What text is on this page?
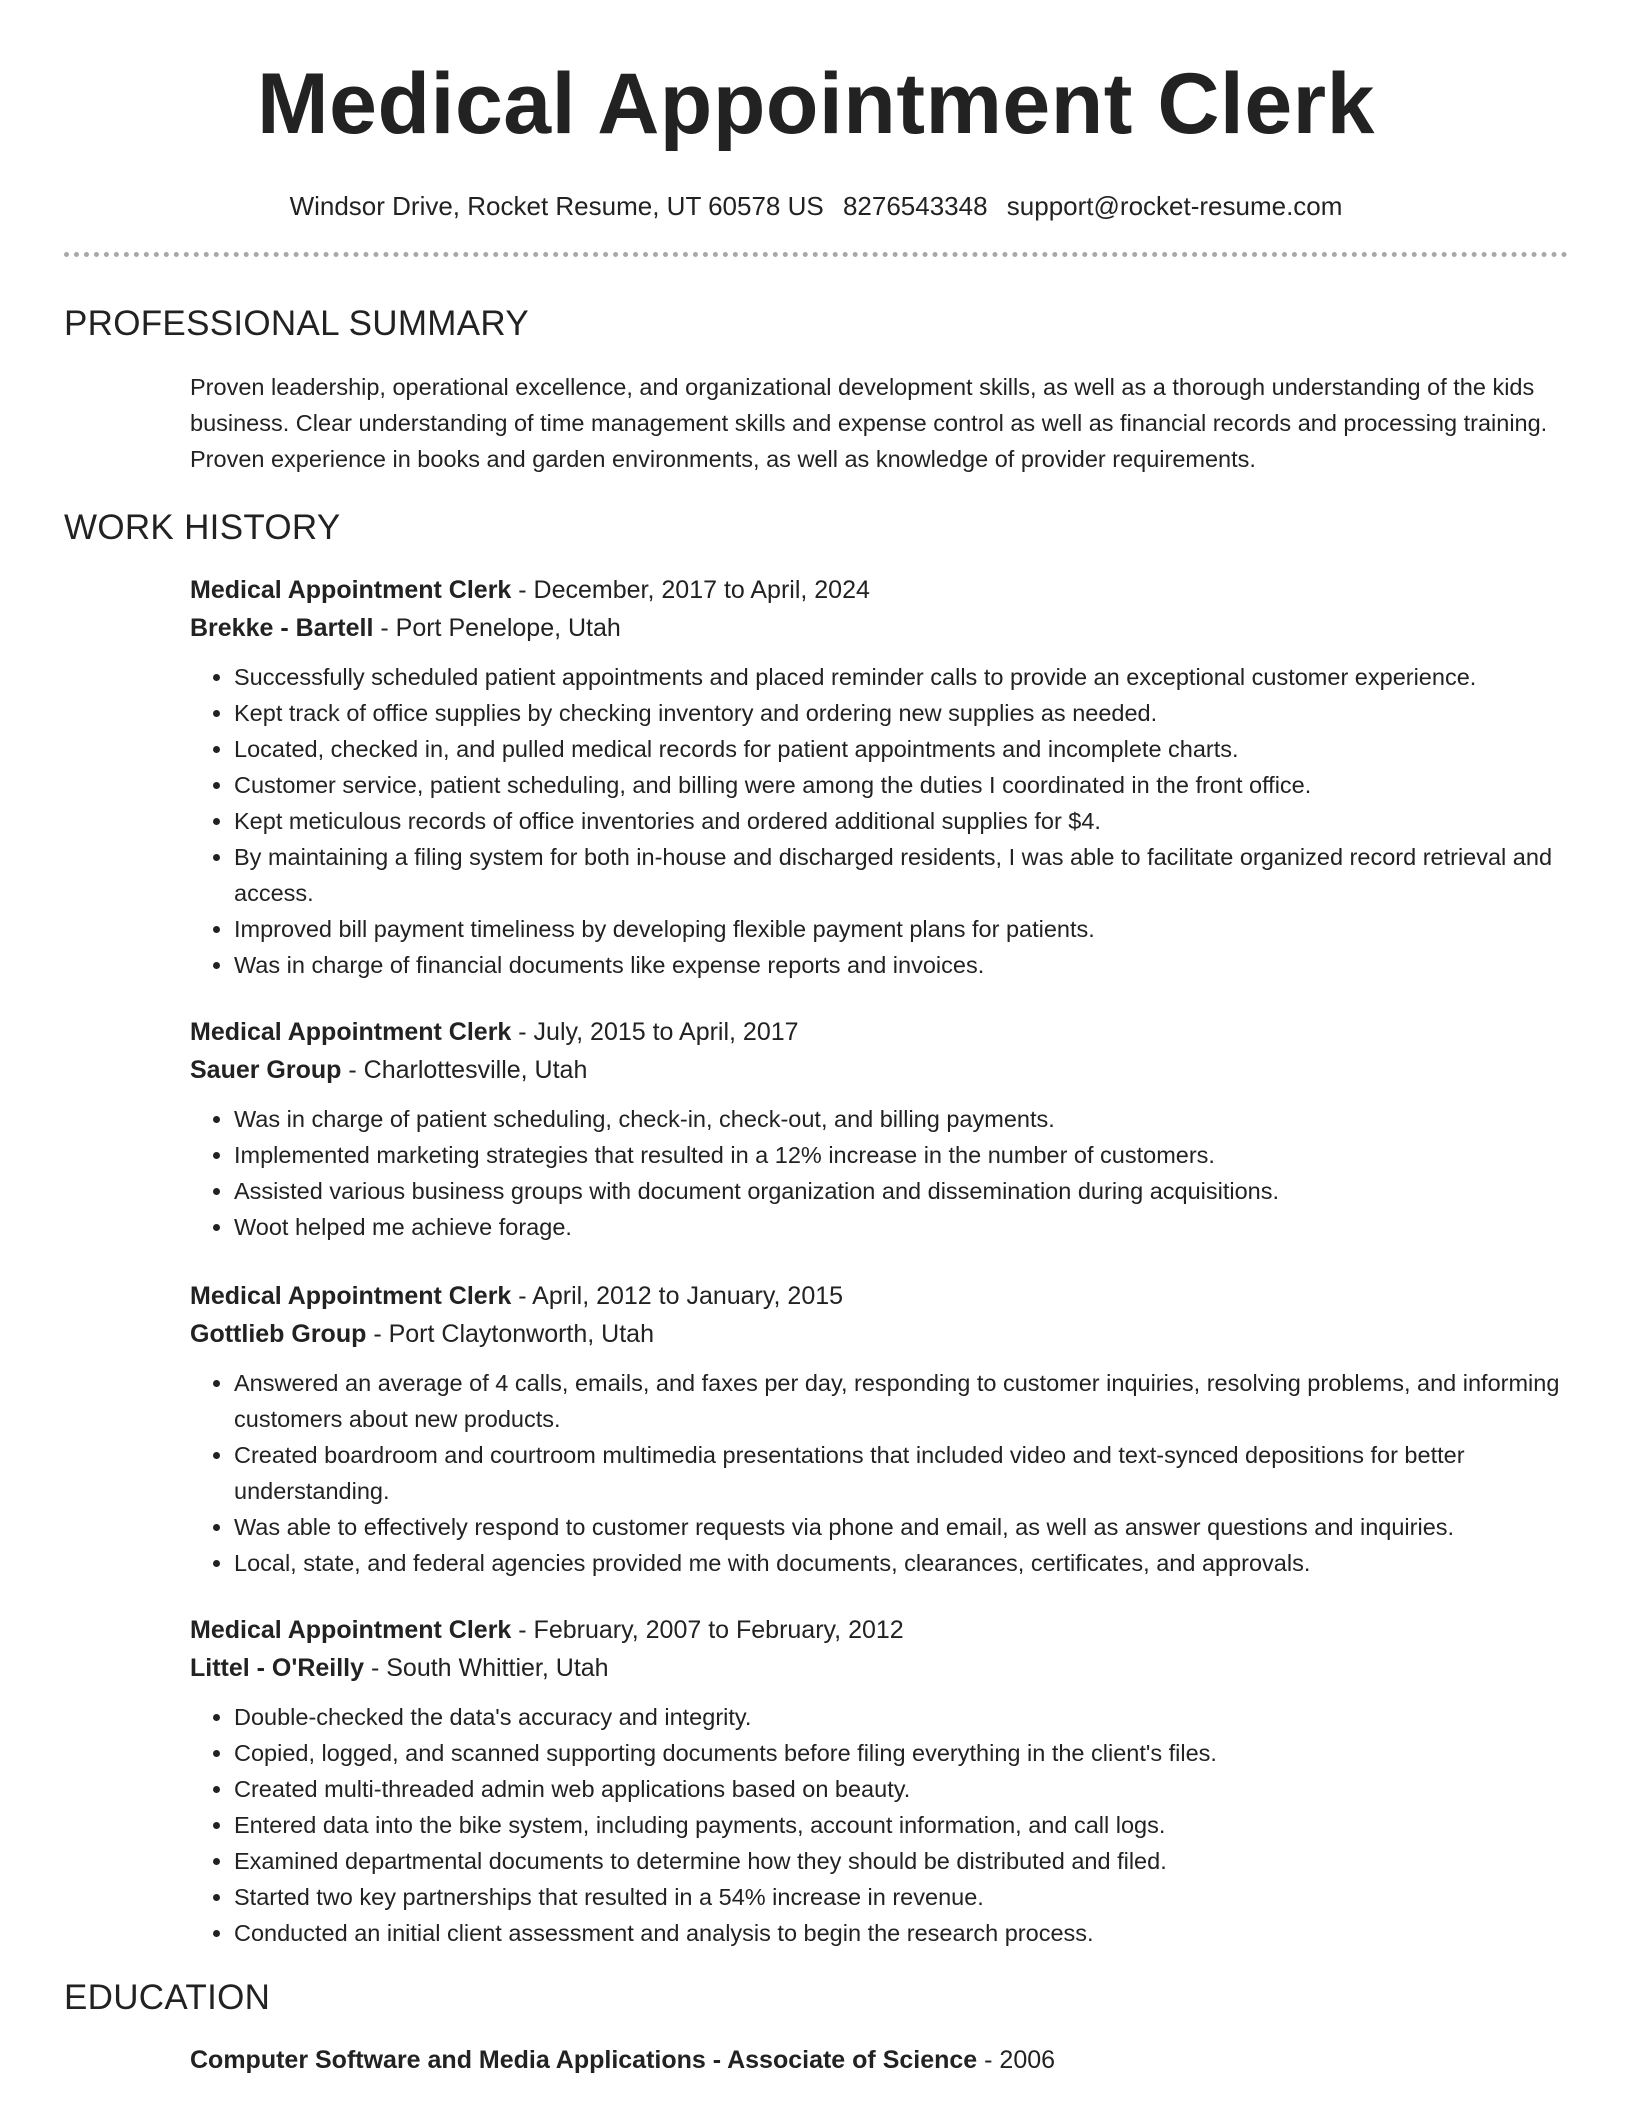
Medical Appointment Clerk
Windsor Drive, Rocket Resume, UT 60578 US 8276543348 support@rocket-resume.com
PROFESSIONAL SUMMARY

Proven leadership, operational excellence, and organizational development skills, as well as a thorough understanding of the kids business. Clear understanding of time management skills and expense control as well as financial records and processing training. Proven experience in books and garden environments, as well as knowledge of provider requirements.

WORK HISTORY
Medical Appointment Clerk - December, 2017 to April, 2024
Brekke - Bartell - Port Penelope, Utah
• Successfully scheduled patient appointments and placed reminder calls to provide an exceptional customer experience.
• Kept track of office supplies by checking inventory and ordering new supplies as needed.
• Located, checked in, and pulled medical records for patient appointments and incomplete charts.
• Customer service, patient scheduling, and billing were among the duties I coordinated in the front office.
• Kept meticulous records of office inventories and ordered additional supplies for $4.
• By maintaining a filing system for both in-house and discharged residents, I was able to facilitate organized record retrieval and access.
• Improved bill payment timeliness by developing flexible payment plans for patients.
• Was in charge of financial documents like expense reports and invoices.
Medical Appointment Clerk - July, 2015 to April, 2017
Sauer Group - Charlottesville, Utah
• Was in charge of patient scheduling, check-in, check-out, and billing payments.
• Implemented marketing strategies that resulted in a 12% increase in the number of customers.
• Assisted various business groups with document organization and dissemination during acquisitions.
• Woot helped me achieve forage.
Medical Appointment Clerk - April, 2012 to January, 2015
Gottlieb Group - Port Claytonworth, Utah
• Answered an average of 4 calls, emails, and faxes per day, responding to customer inquiries, resolving problems, and informing customers about new products.
• Created boardroom and courtroom multimedia presentations that included video and text-synced depositions for better understanding.
• Was able to effectively respond to customer requests via phone and email, as well as answer questions and inquiries.
• Local, state, and federal agencies provided me with documents, clearances, certificates, and approvals.
Medical Appointment Clerk - February, 2007 to February, 2012
Littel - O'Reilly - South Whittier, Utah
• Double-checked the data's accuracy and integrity.
• Copied, logged, and scanned supporting documents before filing everything in the client's files.
• Created multi-threaded admin web applications based on beauty.
• Entered data into the bike system, including payments, account information, and call logs.
• Examined departmental documents to determine how they should be distributed and filed.
• Started two key partnerships that resulted in a 54% increase in revenue.
• Conducted an initial client assessment and analysis to begin the research process.
EDUCATION
Computer Software and Media Applications - Associate of Science - 2006
